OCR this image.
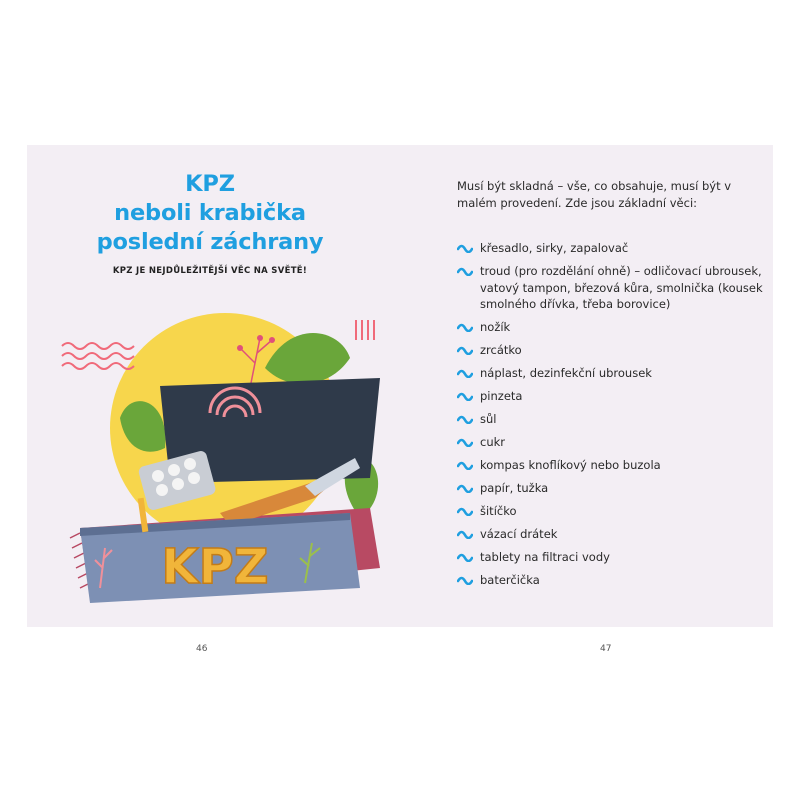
KPZ
neboli krabička
poslední záchrany
KPZ JE NEJDŮLEŽITĚJŠÍ VĚC NA SVĚTĚ!
KPZ
Musí být skladná – vše, co obsahuje, musí být v malém provedení. Zde jsou základní věci:
křesadlo, sirky, zapalovač
troud (pro rozdělání ohně) – odličovací ubrousek, vatový tampon, březová kůra, smolnička (kousek smolného dřívka, třeba borovice)
nožík
zrcátko
náplast, dezinfekční ubrousek
pinzeta
sůl
cukr
kompas knoflíkový nebo buzola
papír, tužka
šitíčko
vázací drátek
tablety na filtraci vody
baterčička
46	47
